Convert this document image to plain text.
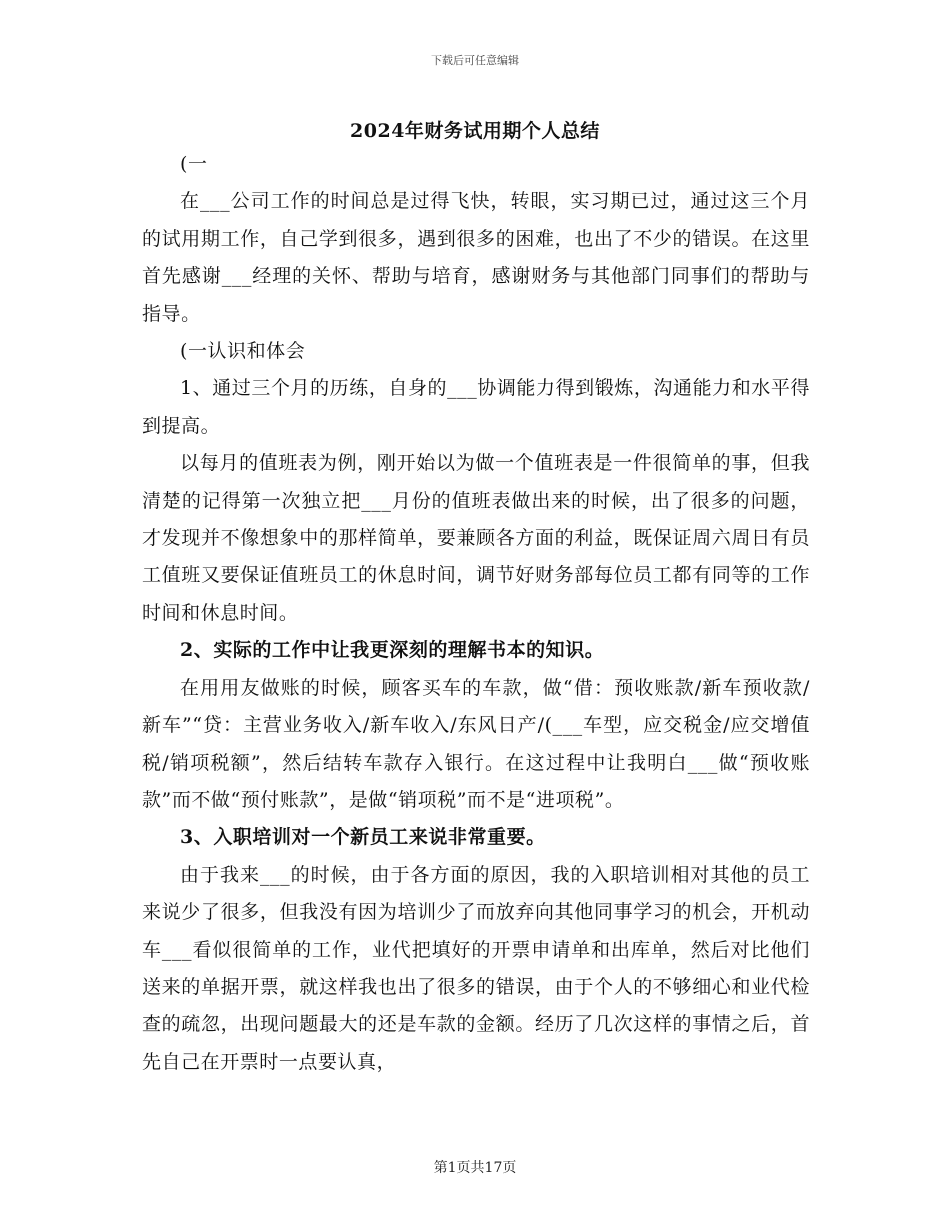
下载后可任意编辑
2024年财务试用期个人总结

(一

在___公司工作的时间总是过得飞快，转眼，实习期已过，通过这三个月的试用期工作，自己学到很多，遇到很多的困难，也出了不少的错误。在这里首先感谢___经理的关怀、帮助与培育，感谢财务与其他部门同事们的帮助与指导。

(一认识和体会

1、通过三个月的历练，自身的___协调能力得到锻炼，沟通能力和水平得到提高。

以每月的值班表为例，刚开始以为做一个值班表是一件很简单的事，但我清楚的记得第一次独立把___月份的值班表做出来的时候，出了很多的问题，才发现并不像想象中的那样简单，要兼顾各方面的利益，既保证周六周日有员工值班又要保证值班员工的休息时间，调节好财务部每位员工都有同等的工作时间和休息时间。

2、实际的工作中让我更深刻的理解书本的知识。

在用用友做账的时候，顾客买车的车款，做“借：预收账款/新车预收款/新车”“贷：主营业务收入/新车收入/东风日产/(___车型，应交税金/应交增值税/销项税额”，然后结转车款存入银行。在这过程中让我明白___做“预收账款”而不做“预付账款”，是做“销项税”而不是“进项税”。

3、入职培训对一个新员工来说非常重要。

由于我来___的时候，由于各方面的原因，我的入职培训相对其他的员工来说少了很多，但我没有因为培训少了而放弃向其他同事学习的机会，开机动车___看似很简单的工作，业代把填好的开票申请单和出库单，然后对比他们送来的单据开票，就这样我也出了很多的错误，由于个人的不够细心和业代检查的疏忽，出现问题最大的还是车款的金额。经历了几次这样的事情之后，首先自己在开票时一点要认真，

第1页共17页
